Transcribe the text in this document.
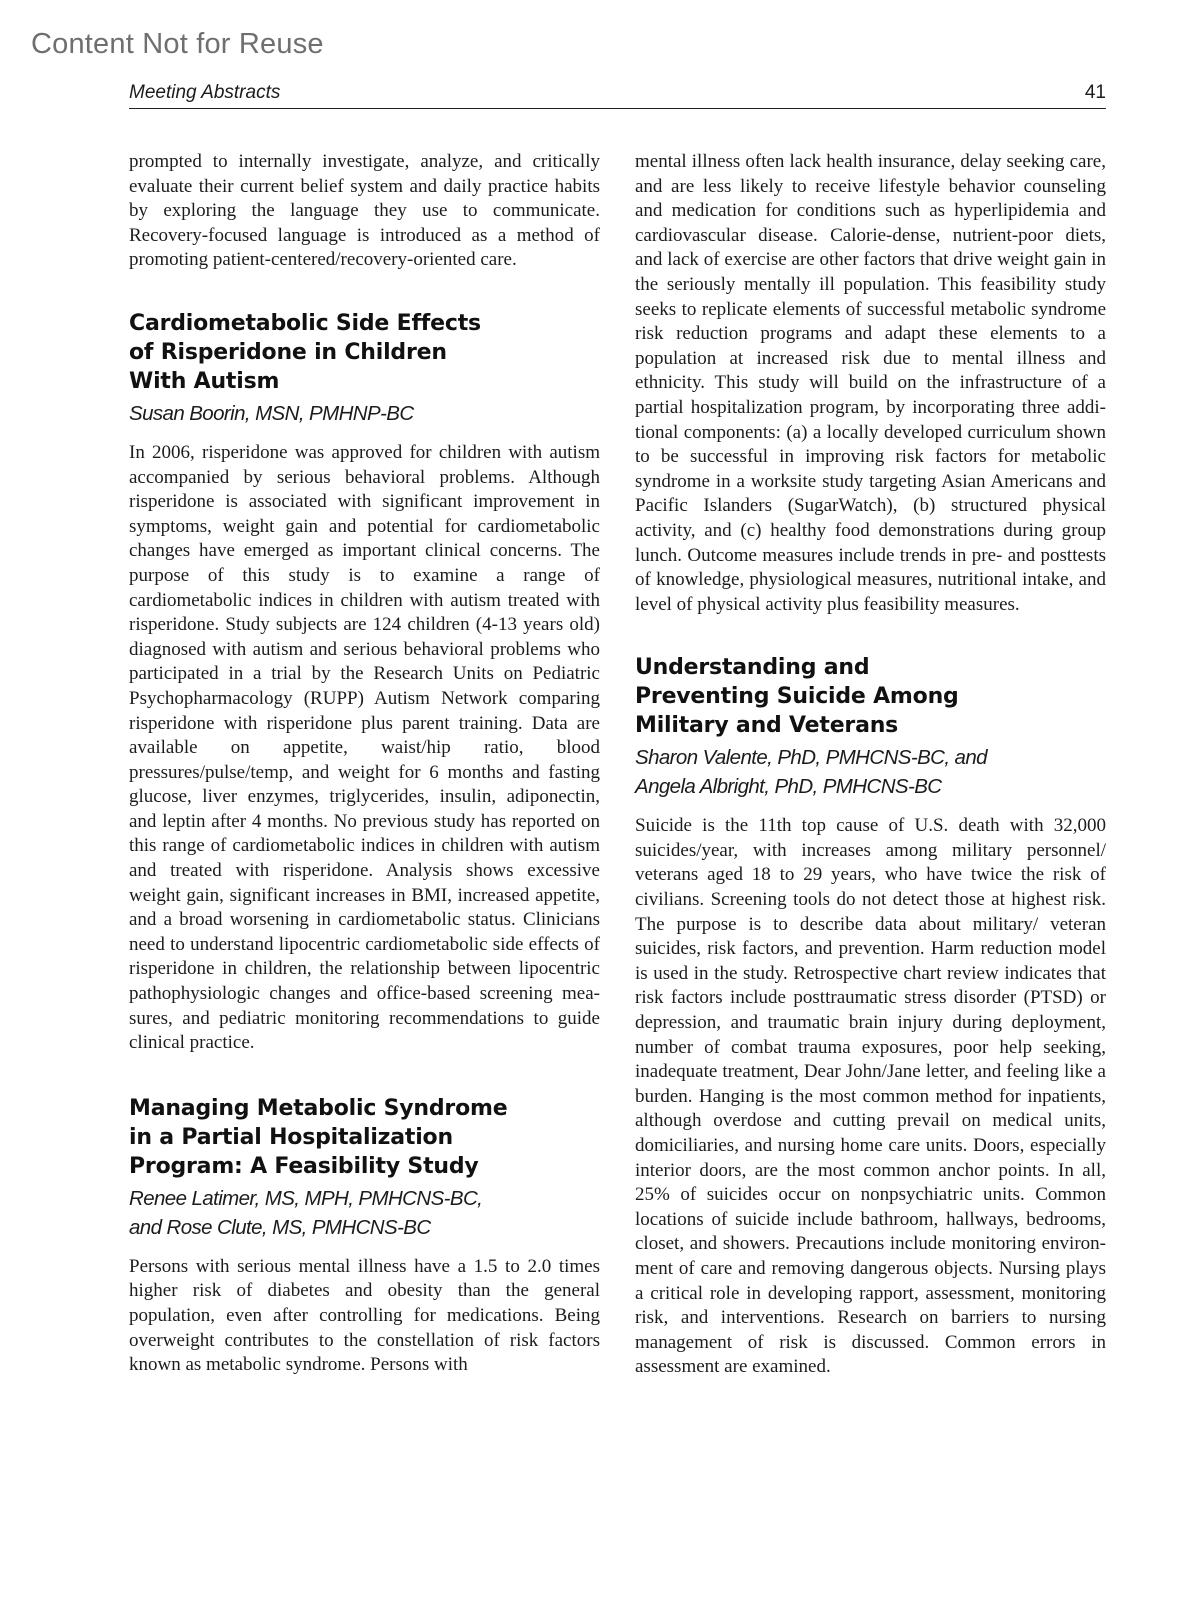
Content Not for Reuse
Meeting Abstracts	41

prompted to internally investigate, analyze, and critically evaluate their current belief system and daily practice habits by exploring the language they use to communicate. Recovery-focused language is introduced as a method of promoting patient-centered/recovery-oriented care.

Cardiometabolic Side Effects of Risperidone in Children With Autism

Susan Boorin, MSN, PMHNP-BC

In 2006, risperidone was approved for children with autism accompanied by serious behavioral problems. Although risperidone is associated with significant improvement in symptoms, weight gain and potential for cardiometabolic changes have emerged as important clinical concerns. The purpose of this study is to examine a range of cardiometabolic indices in children with autism treated with risperidone. Study subjects are 124 children (4-13 years old) diagnosed with autism and serious behavioral problems who participated in a trial by the Research Units on Pediatric Psychopharmacology (RUPP) Autism Network comparing risperidone with risperidone plus parent training. Data are available on appetite, waist/hip ratio, blood pressures/pulse/temp, and weight for 6 months and fasting glucose, liver enzymes, triglycerides, insulin, adiponectin, and leptin after 4 months. No previous study has reported on this range of cardiometabolic indices in children with autism and treated with risperidone. Analysis shows excessive weight gain, significant increases in BMI, increased appetite, and a broad worsening in cardiometabolic status. Clinicians need to understand lipocentric cardiometabolic side effects of risperidone in children, the relationship between lipocentric pathophysiologic changes and office-based screening measures, and pediatric monitoring recommendations to guide clinical practice.

Managing Metabolic Syndrome in a Partial Hospitalization Program: A Feasibility Study

Renee Latimer, MS, MPH, PMHCNS-BC,
and Rose Clute, MS, PMHCNS-BC

Persons with serious mental illness have a 1.5 to 2.0 times higher risk of diabetes and obesity than the general population, even after controlling for medications. Being overweight contributes to the constellation of risk factors known as metabolic syndrome. Persons with

mental illness often lack health insurance, delay seeking care, and are less likely to receive lifestyle behavior counseling and medication for conditions such as hyperlipidemia and cardiovascular disease. Calorie-dense, nutrient-poor diets, and lack of exercise are other factors that drive weight gain in the seriously mentally ill population. This feasibility study seeks to replicate elements of successful metabolic syndrome risk reduction programs and adapt these elements to a population at increased risk due to mental illness and ethnicity. This study will build on the infrastructure of a partial hospitalization program, by incorporating three additional components: (a) a locally developed curriculum shown to be successful in improving risk factors for metabolic syndrome in a worksite study targeting Asian Americans and Pacific Islanders (SugarWatch), (b) structured physical activity, and (c) healthy food demonstrations during group lunch. Outcome measures include trends in pre- and posttests of knowledge, physiological measures, nutritional intake, and level of physical activity plus feasibility measures.

Understanding and Preventing Suicide Among Military and Veterans

Sharon Valente, PhD, PMHCNS-BC, and
Angela Albright, PhD, PMHCNS-BC

Suicide is the 11th top cause of U.S. death with 32,000 suicides/year, with increases among military personnel/ veterans aged 18 to 29 years, who have twice the risk of civilians. Screening tools do not detect those at highest risk. The purpose is to describe data about military/ veteran suicides, risk factors, and prevention. Harm reduction model is used in the study. Retrospective chart review indicates that risk factors include posttraumatic stress disorder (PTSD) or depression, and traumatic brain injury during deployment, number of combat trauma exposures, poor help seeking, inadequate treatment, Dear John/Jane letter, and feeling like a burden. Hanging is the most common method for inpatients, although overdose and cutting prevail on medical units, domiciliaries, and nursing home care units. Doors, especially interior doors, are the most common anchor points. In all, 25% of suicides occur on nonpsychiatric units. Common locations of suicide include bathroom, hallways, bedrooms, closet, and showers. Precautions include monitoring environment of care and removing dangerous objects. Nursing plays a critical role in developing rapport, assessment, monitoring risk, and interventions. Research on barriers to nursing management of risk is discussed. Common errors in assessment are examined.
